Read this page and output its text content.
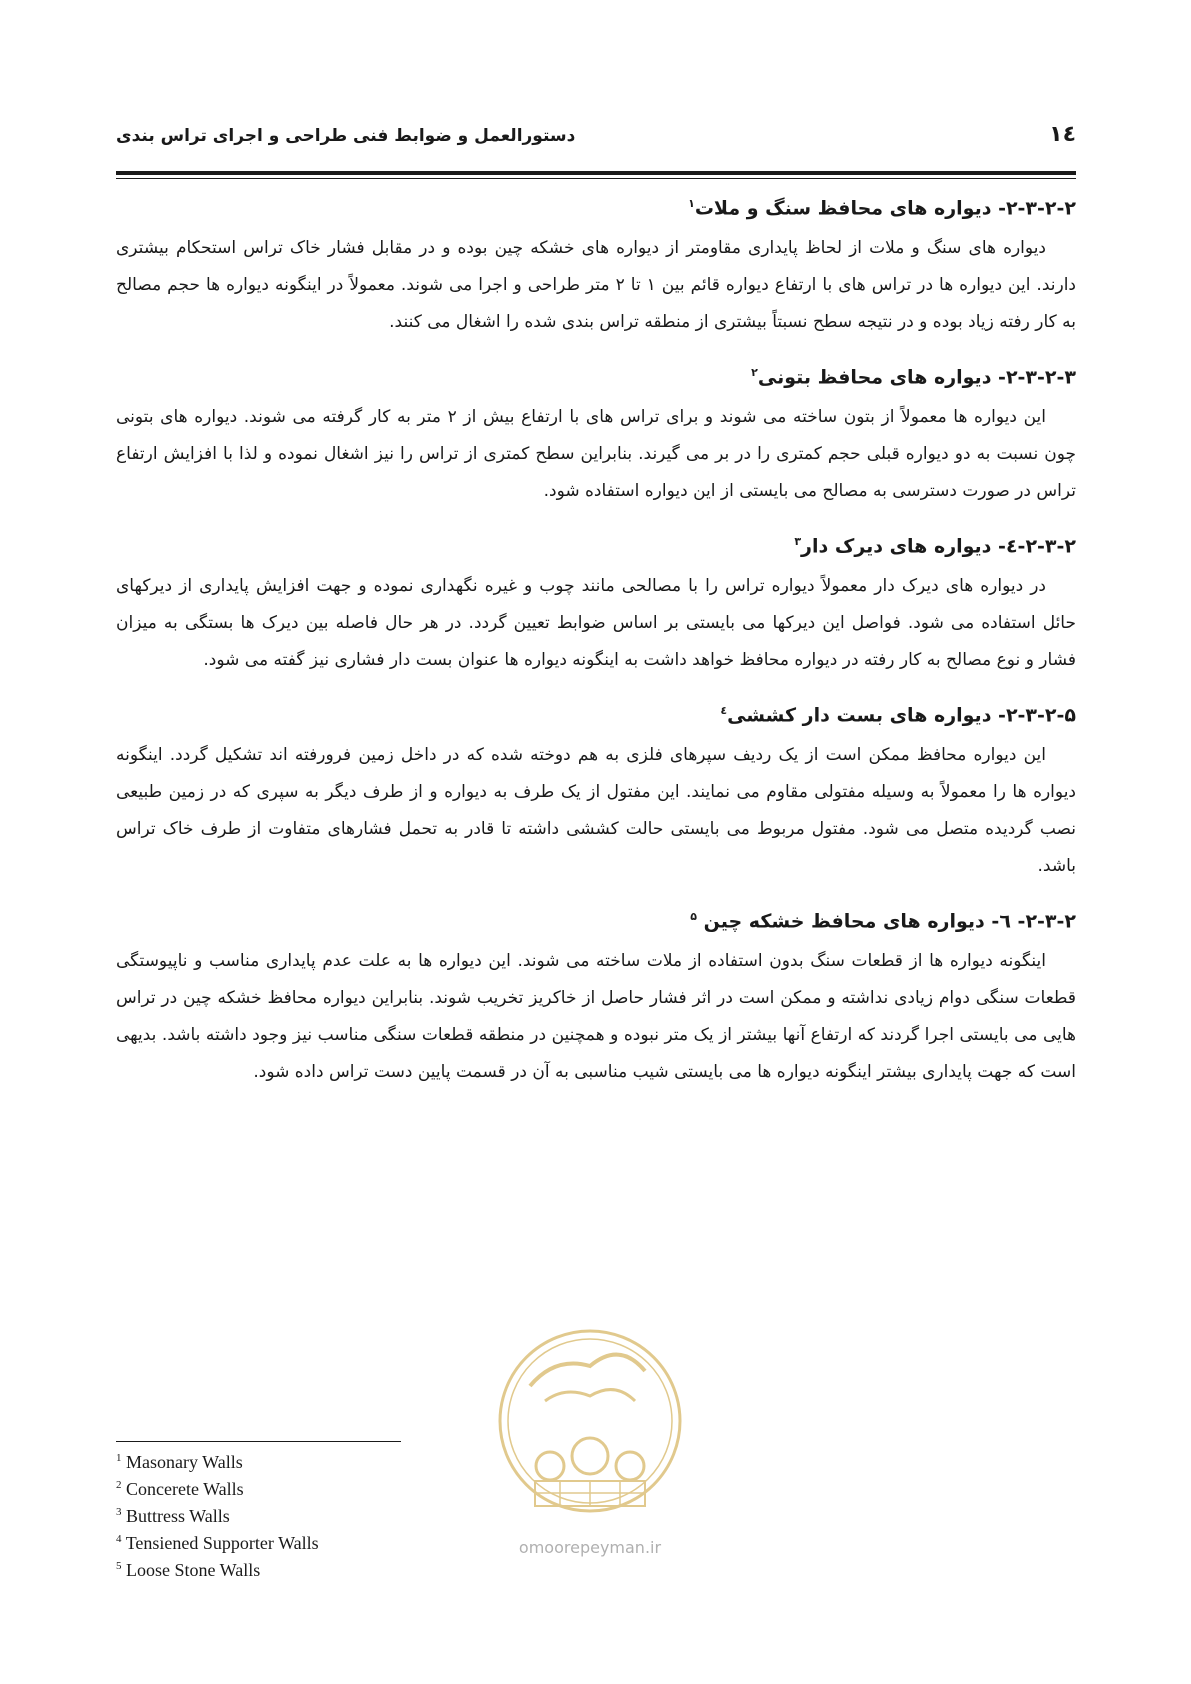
دستورالعمل و ضوابط فنی طراحی و اجرای تراس بندی	۱٤
۲-۳-۲-۲- دیواره های محافظ سنگ و ملات$^۱$

دیواره های سنگ و ملات از لحاظ پایداری مقاومتر از دیواره های خشکه چین بوده و در مقابل فشار خاک تراس استحکام بیشتری دارند. این دیواره ها در تراس های با ارتفاع دیواره قائم بین ۱ تا ۲ متر طراحی و اجرا می شوند. معمولاً در اینگونه دیواره ها حجم مصالح به کار رفته زیاد بوده و در نتیجه سطح نسبتاً بیشتری از منطقه تراس بندی شده را اشغال می کنند.

۲-۳-۲-۳- دیواره های محافظ بتونی$^۲$

این دیواره ها معمولاً از بتون ساخته می شوند و برای تراس های با ارتفاع بیش از ۲ متر به کار گرفته می شوند. دیواره های بتونی چون نسبت به دو دیواره قبلی حجم کمتری را در بر می گیرند. بنابراین سطح کمتری از تراس را نیز اشغال نموده و لذا با افزایش ارتفاع تراس در صورت دسترسی به مصالح می بایستی از این دیواره استفاده شود.

۲-۳-۲-٤- دیواره های دیرک دار$^۳$

در دیواره های دیرک دار معمولاً دیواره تراس را با مصالحی مانند چوب و غیره نگهداری نموده و جهت افزایش پایداری از دیرکهای حائل استفاده می شود. فواصل این دیرکها می بایستی بر اساس ضوابط تعیین گردد. در هر حال فاصله بین دیرک ها بستگی به میزان فشار و نوع مصالح به کار رفته در دیواره محافظ خواهد داشت به اینگونه دیواره ها عنوان بست دار فشاری نیز گفته می شود.

۲-۳-۲-۵- دیواره های بست دار کششی$^٤$

این دیواره محافظ ممکن است از یک ردیف سپرهای فلزی به هم دوخته شده که در داخل زمین فرورفته اند تشکیل گردد. اینگونه دیواره ها را معمولاً به وسیله مفتولی مقاوم می نمایند. این مفتول از یک طرف به دیواره و از طرف دیگر به سپری که در زمین طبیعی نصب گردیده متصل می شود. مفتول مربوط می بایستی حالت کششی داشته تا قادر به تحمل فشارهای متفاوت از طرف خاک تراس باشد.

۲-۳-۲- ٦- دیواره های محافظ خشکه چین $^۵$

اینگونه دیواره ها از قطعات سنگ بدون استفاده از ملات ساخته می شوند. این دیواره ها به علت عدم پایداری مناسب و ناپیوستگی قطعات سنگی دوام زیادی نداشته و ممکن است در اثر فشار حاصل از خاکریز تخریب شوند. بنابراین دیواره محافظ خشکه چین در تراس هایی می بایستی اجرا گردند که ارتفاع آنها بیشتر از یک متر نبوده و همچنین در منطقه قطعات سنگی مناسب نیز وجود داشته باشد. بدیهی است که جهت پایداری بیشتر اینگونه دیواره ها می بایستی شیب مناسبی به آن در قسمت پایین دست تراس داده شود.

$^1$ Masonary Walls
$^2$ Concerete Walls
$^3$ Buttress Walls
$^4$ Tensiened Supporter Walls
$^5$ Loose Stone Walls
omoorepeyman.ir
